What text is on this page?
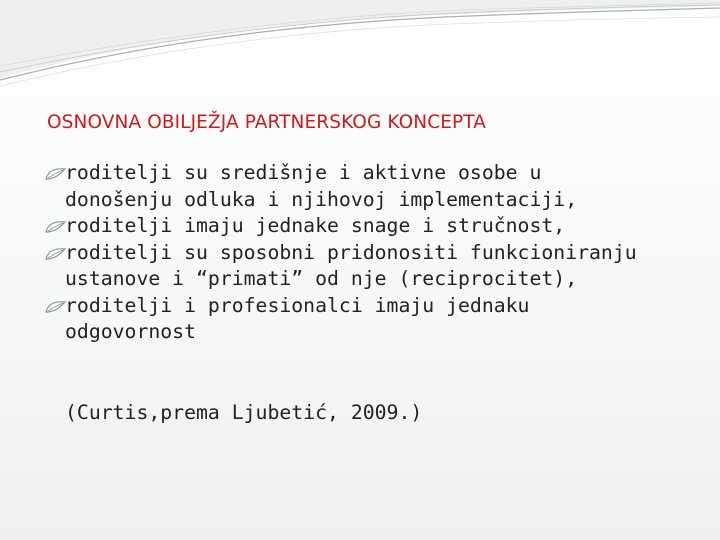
OSNOVNA OBILJEŽJA PARTNERSKOG KONCEPTA
roditelji su središnje i aktivne osobe u
donošenju odluka i njihovoj implementaciji,
roditelji imaju jednake snage i stručnost,
roditelji su sposobni pridonositi funkcioniranju
ustanove i “primati” od nje (reciprocitet),
roditelji i profesionalci imaju jednaku
odgovornost

(Curtis,prema Ljubetić, 2009.)
